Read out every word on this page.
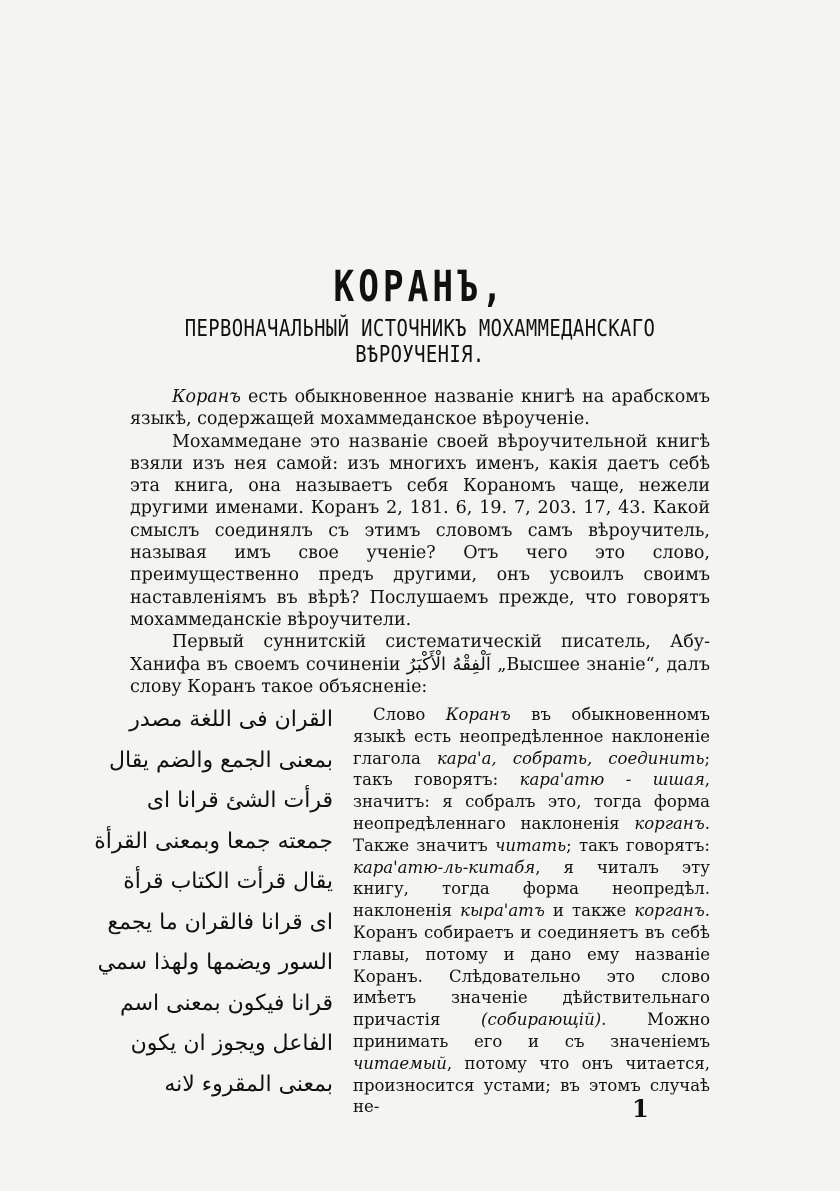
КОРАНЪ,
ПЕРВОНАЧАЛЬНЫЙ ИСТОЧНИКЪ МОХАММЕДАНСКАГО
ВѢРОУЧЕНІЯ.

Коранъ есть обыкновенное названіе книгѣ на арабскомъ языкѣ, содержащей мохаммеданское вѣроученіе.

Мохаммедане это названіе своей вѣроучительной книгѣ взяли изъ нея самой: изъ многихъ именъ, какія даетъ себѣ эта книга, она называетъ себя Кораномъ чаще, нежели другими именами. Коранъ 2, 181. 6, 19. 7, 203. 17, 43. Какой смыслъ соединялъ съ этимъ словомъ самъ вѣроучитель, называя имъ свое ученіе? Отъ чего это слово, преимущественно предъ другими, онъ усвоилъ своимъ наставленіямъ въ вѣрѣ? Послушаемъ прежде, что говорятъ мохаммеданскіе вѣроучители.

Первый суннитскій систематическій писатель, Абу-Ханифа въ своемъ сочиненіи اَلْفِقْهُ الْأَكْبَرُ „Высшее знаніе“, далъ слову Коранъ такое объясненіе:

القران فى اللغة مصدر
بمعنى الجمع والضم يقال
قرأت الشئ قرانا اى
جمعته جمعا وبمعنى القرأة
يقال قرأت الكتاب قرأة
اى قرانا فالقران ما يجمع
السور ويضمها ولهذا سمي
قرانا فيكون بمعنى اسم
الفاعل ويجوز ان يكون
بمعنى المقروء لانه

Слово Коранъ въ обыкновенномъ языкѣ есть неопредѣленное наклоненіе глагола кара'а, собрать, соединить; такъ говорятъ: кара'атю - шшая, значитъ: я собралъ это, тогда форма неопредѣленнаго наклоненія корганъ. Также значитъ читать; такъ говорятъ: кара'атю-ль-китабя, я читалъ эту книгу, тогда форма неопредѣл. наклоненія кыра'атъ и также корганъ. Коранъ собираетъ и соединяетъ въ себѣ главы, потому и дано ему названіе Коранъ. Слѣдовательно это слово имѣетъ значеніе дѣйствительнаго причастія (собирающій). Можно принимать его и съ значеніемъ читаемый, потому что онъ читается, произносится устами; въ этомъ случаѣ не-	1
